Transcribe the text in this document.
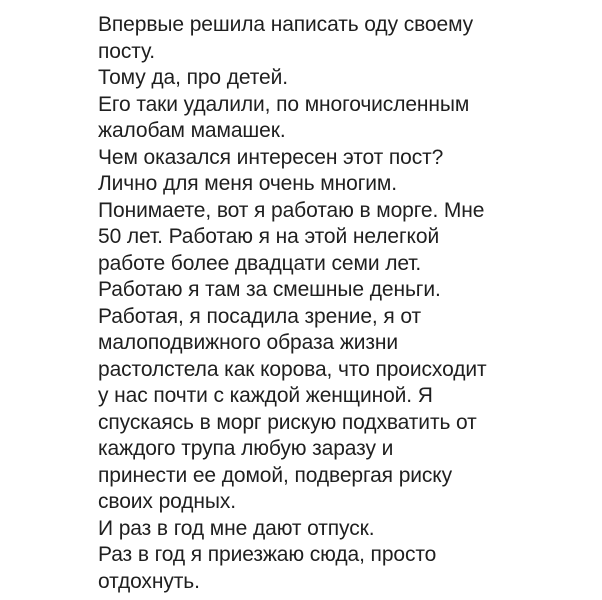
Впервые решила написать оду своему
посту.
Тому да, про детей.
Его таки удалили, по многочисленным
жалобам мамашек.
Чем оказался интересен этот пост?
Лично для меня очень многим.
Понимаете, вот я работаю в морге. Мне
50 лет. Работаю я на этой нелегкой
работе более двадцати семи лет.
Работаю я там за смешные деньги.
Работая, я посадила зрение, я от
малоподвижного образа жизни
растолстела как корова, что происходит
у нас почти с каждой женщиной. Я
спускаясь в морг рискую подхватить от
каждого трупа любую заразу и
принести ее домой, подвергая риску
своих родных.
И раз в год мне дают отпуск.
Раз в год я приезжаю сюда, просто
отдохнуть.
